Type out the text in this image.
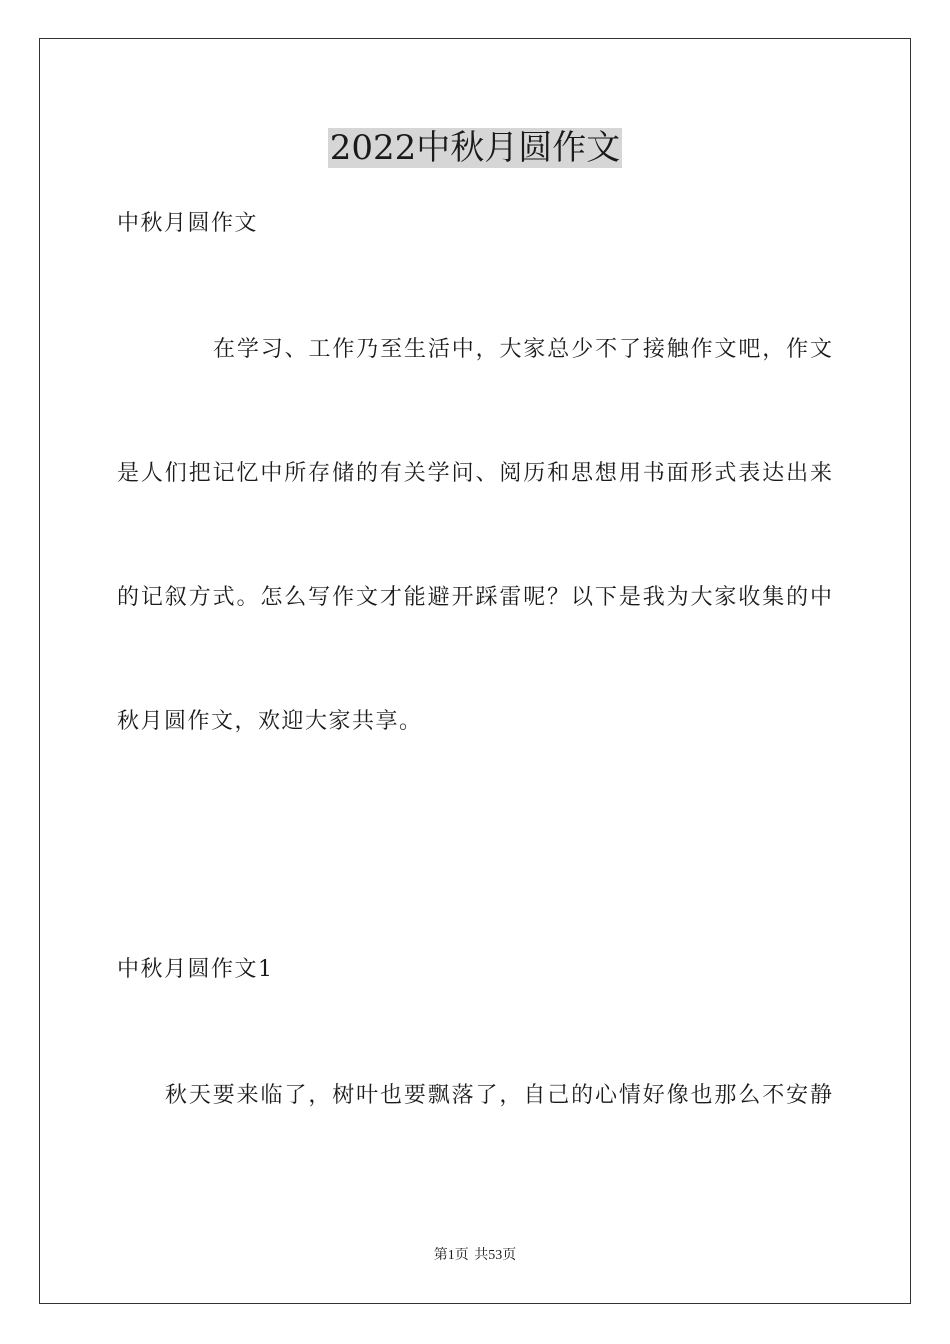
2022中秋月圆作文
中秋月圆作文
在学习、工作乃至生活中，大家总少不了接触作文吧，作文
是人们把记忆中所存储的有关学问、阅历和思想用书面形式表达出来
的记叙方式。怎么写作文才能避开踩雷呢？以下是我为大家收集的中
秋月圆作文，欢迎大家共享。
中秋月圆作文1
秋天要来临了，树叶也要飘落了，自己的心情好像也那么不安静
第1页 共53页
